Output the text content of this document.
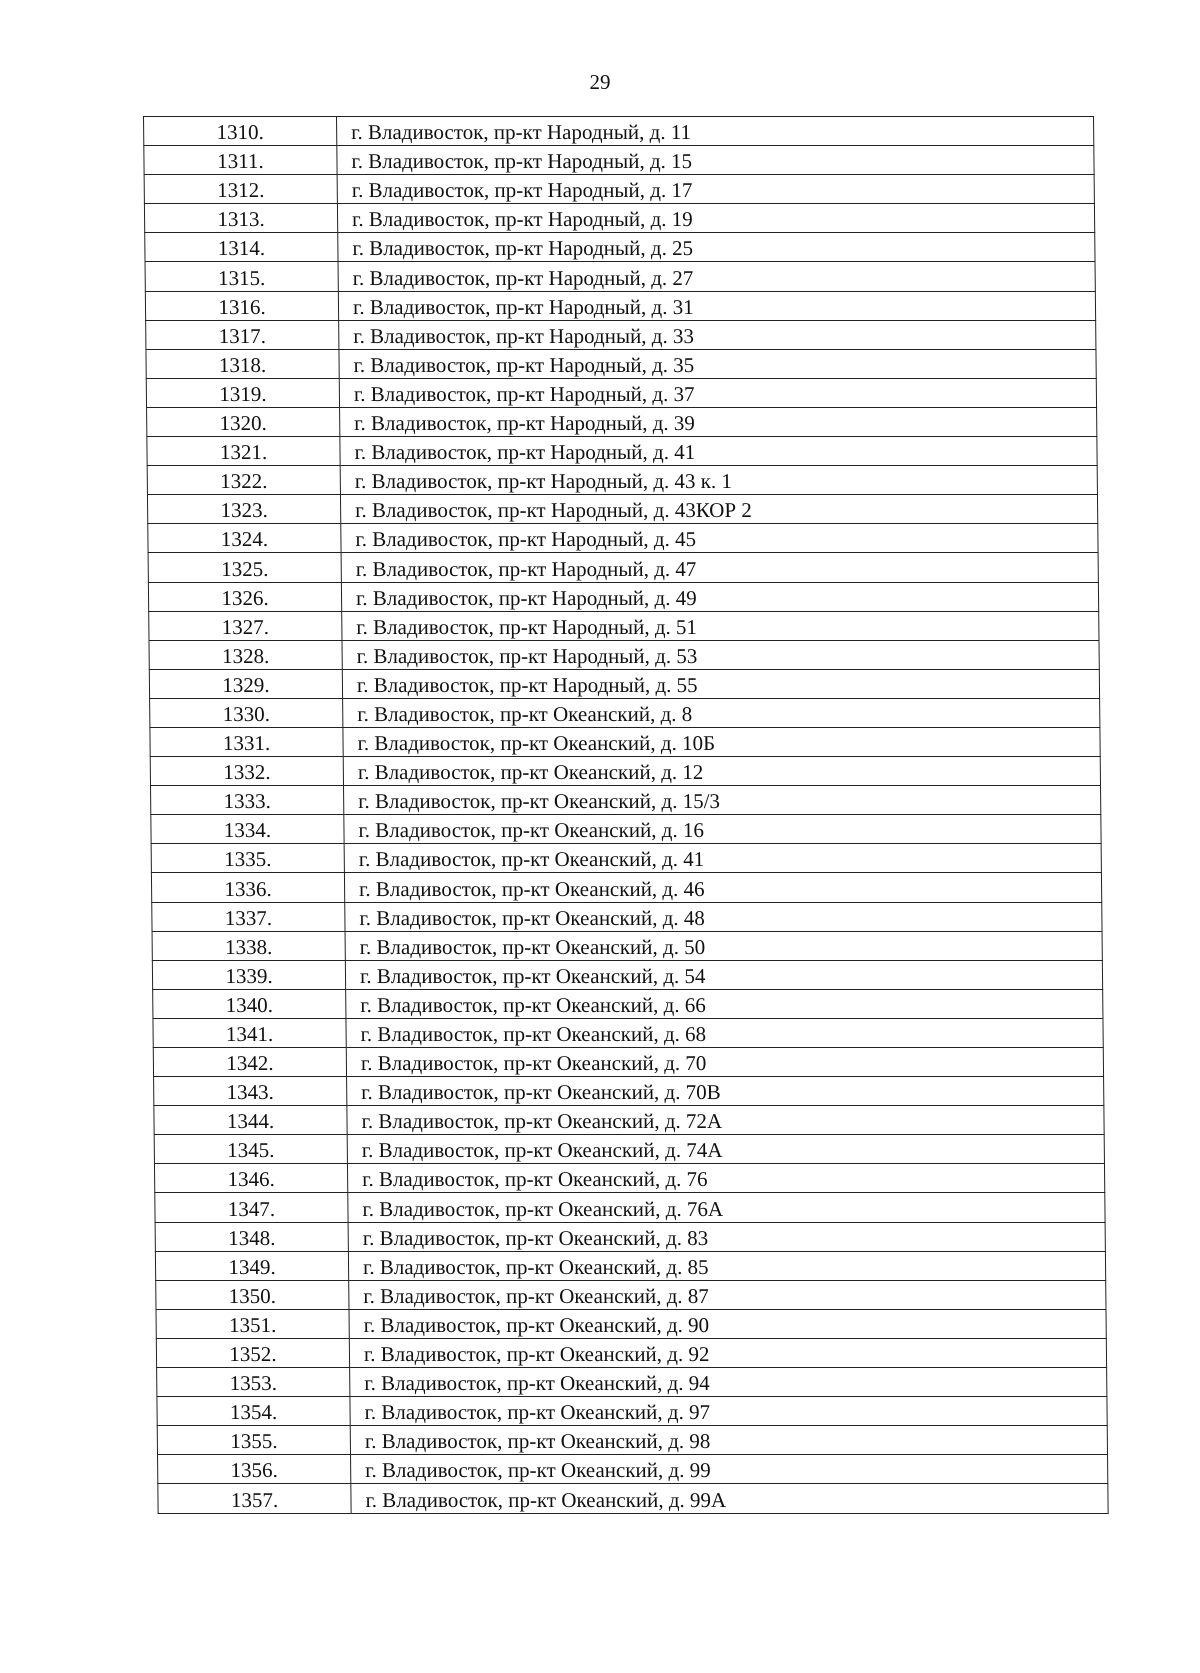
29
1310.	г. Владивосток, пр-кт Народный, д. 11
1311.	г. Владивосток, пр-кт Народный, д. 15
1312.	г. Владивосток, пр-кт Народный, д. 17
1313.	г. Владивосток, пр-кт Народный, д. 19
1314.	г. Владивосток, пр-кт Народный, д. 25
1315.	г. Владивосток, пр-кт Народный, д. 27
1316.	г. Владивосток, пр-кт Народный, д. 31
1317.	г. Владивосток, пр-кт Народный, д. 33
1318.	г. Владивосток, пр-кт Народный, д. 35
1319.	г. Владивосток, пр-кт Народный, д. 37
1320.	г. Владивосток, пр-кт Народный, д. 39
1321.	г. Владивосток, пр-кт Народный, д. 41
1322.	г. Владивосток, пр-кт Народный, д. 43 к. 1
1323.	г. Владивосток, пр-кт Народный, д. 43КОР 2
1324.	г. Владивосток, пр-кт Народный, д. 45
1325.	г. Владивосток, пр-кт Народный, д. 47
1326.	г. Владивосток, пр-кт Народный, д. 49
1327.	г. Владивосток, пр-кт Народный, д. 51
1328.	г. Владивосток, пр-кт Народный, д. 53
1329.	г. Владивосток, пр-кт Народный, д. 55
1330.	г. Владивосток, пр-кт Океанский, д. 8
1331.	г. Владивосток, пр-кт Океанский, д. 10Б
1332.	г. Владивосток, пр-кт Океанский, д. 12
1333.	г. Владивосток, пр-кт Океанский, д. 15/3
1334.	г. Владивосток, пр-кт Океанский, д. 16
1335.	г. Владивосток, пр-кт Океанский, д. 41
1336.	г. Владивосток, пр-кт Океанский, д. 46
1337.	г. Владивосток, пр-кт Океанский, д. 48
1338.	г. Владивосток, пр-кт Океанский, д. 50
1339.	г. Владивосток, пр-кт Океанский, д. 54
1340.	г. Владивосток, пр-кт Океанский, д. 66
1341.	г. Владивосток, пр-кт Океанский, д. 68
1342.	г. Владивосток, пр-кт Океанский, д. 70
1343.	г. Владивосток, пр-кт Океанский, д. 70В
1344.	г. Владивосток, пр-кт Океанский, д. 72А
1345.	г. Владивосток, пр-кт Океанский, д. 74А
1346.	г. Владивосток, пр-кт Океанский, д. 76
1347.	г. Владивосток, пр-кт Океанский, д. 76А
1348.	г. Владивосток, пр-кт Океанский, д. 83
1349.	г. Владивосток, пр-кт Океанский, д. 85
1350.	г. Владивосток, пр-кт Океанский, д. 87
1351.	г. Владивосток, пр-кт Океанский, д. 90
1352.	г. Владивосток, пр-кт Океанский, д. 92
1353.	г. Владивосток, пр-кт Океанский, д. 94
1354.	г. Владивосток, пр-кт Океанский, д. 97
1355.	г. Владивосток, пр-кт Океанский, д. 98
1356.	г. Владивосток, пр-кт Океанский, д. 99
1357.	г. Владивосток, пр-кт Океанский, д. 99А
